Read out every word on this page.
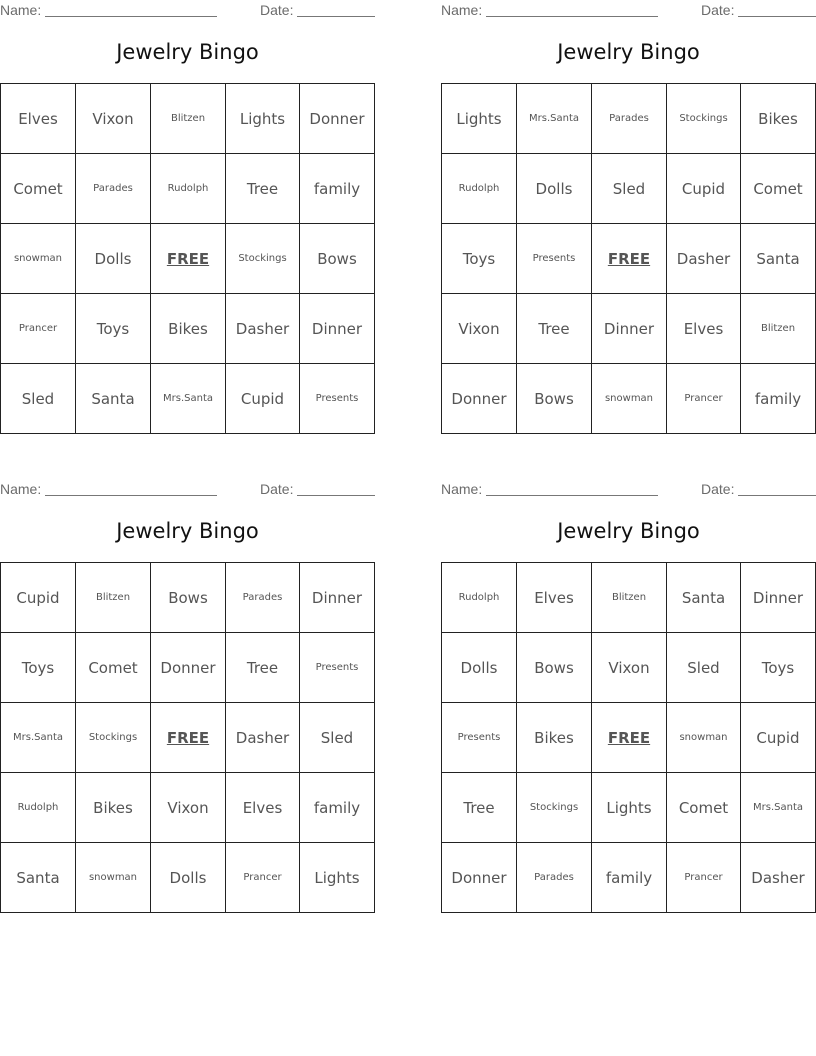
Name:	Date:
Jewelry Bingo
Elves	Vixon	Blitzen	Lights	Donner
Comet	Parades	Rudolph	Tree	family
snowman	Dolls	FREE	Stockings	Bows
Prancer	Toys	Bikes	Dasher	Dinner
Sled	Santa	Mrs.Santa	Cupid	Presents
Name:	Date:
Jewelry Bingo
Lights	Mrs.Santa	Parades	Stockings	Bikes
Rudolph	Dolls	Sled	Cupid	Comet
Toys	Presents	FREE	Dasher	Santa
Vixon	Tree	Dinner	Elves	Blitzen
Donner	Bows	snowman	Prancer	family
Name:	Date:
Jewelry Bingo
Cupid	Blitzen	Bows	Parades	Dinner
Toys	Comet	Donner	Tree	Presents
Mrs.Santa	Stockings	FREE	Dasher	Sled
Rudolph	Bikes	Vixon	Elves	family
Santa	snowman	Dolls	Prancer	Lights
Name:	Date:
Jewelry Bingo
Rudolph	Elves	Blitzen	Santa	Dinner
Dolls	Bows	Vixon	Sled	Toys
Presents	Bikes	FREE	snowman	Cupid
Tree	Stockings	Lights	Comet	Mrs.Santa
Donner	Parades	family	Prancer	Dasher
